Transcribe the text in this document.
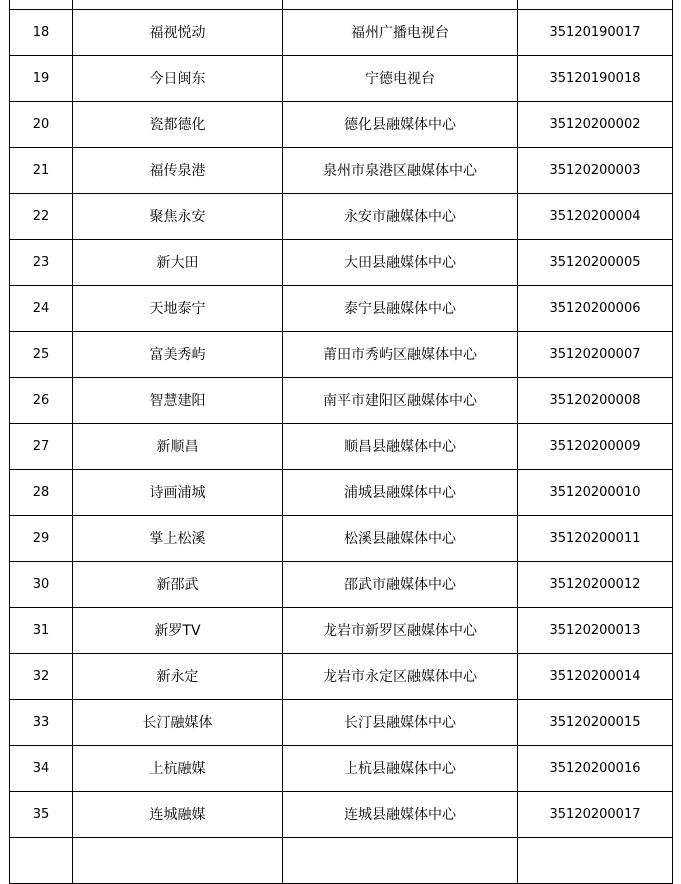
18	福视悦动	福州广播电视台	35120190017
19	今日闽东	宁德电视台	35120190018
20	瓷都德化	德化县融媒体中心	35120200002
21	福传泉港	泉州市泉港区融媒体中心	35120200003
22	聚焦永安	永安市融媒体中心	35120200004
23	新大田	大田县融媒体中心	35120200005
24	天地泰宁	泰宁县融媒体中心	35120200006
25	富美秀屿	莆田市秀屿区融媒体中心	35120200007
26	智慧建阳	南平市建阳区融媒体中心	35120200008
27	新顺昌	顺昌县融媒体中心	35120200009
28	诗画浦城	浦城县融媒体中心	35120200010
29	掌上松溪	松溪县融媒体中心	35120200011
30	新邵武	邵武市融媒体中心	35120200012
31	新罗TV	龙岩市新罗区融媒体中心	35120200013
32	新永定	龙岩市永定区融媒体中心	35120200014
33	长汀融媒体	长汀县融媒体中心	35120200015
34	上杭融媒	上杭县融媒体中心	35120200016
35	连城融媒	连城县融媒体中心	35120200017
